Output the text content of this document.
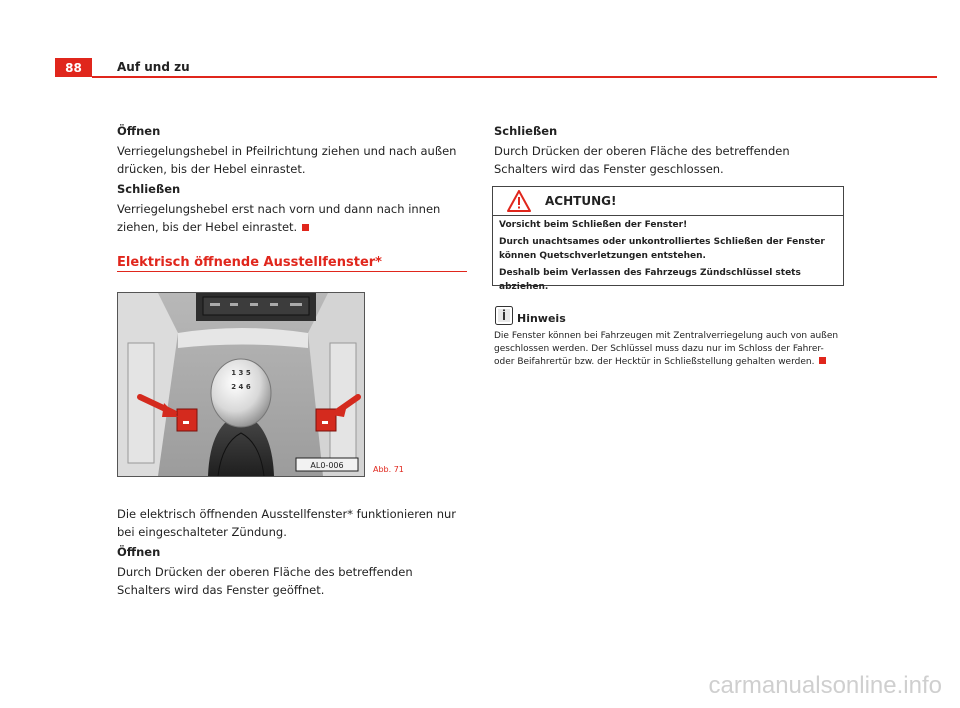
88	Auf und zu
Öffnen
Verriegelungshebel in Pfeilrichtung ziehen und nach außen drücken, bis der Hebel einrastet.
Schließen
Verriegelungshebel erst nach vorn und dann nach innen ziehen, bis der Hebel einrastet.
Elektrisch öffnende Ausstellfenster*
1 3 5
2 4 6
AL0-006	Abb. 71
Die elektrisch öffnenden Ausstellfenster* funktionieren nur bei eingeschalteter Zündung.
Öffnen
Durch Drücken der oberen Fläche des betreffenden Schalters wird das Fenster geöffnet.
Schließen
Durch Drücken der oberen Fläche des betreffenden Schalters wird das Fenster geschlossen.
ACHTUNG!
Vorsicht beim Schließen der Fenster!
Durch unachtsames oder unkontrolliertes Schließen der Fenster können Quetschverletzungen entstehen.
Deshalb beim Verlassen des Fahrzeugs Zündschlüssel stets abziehen.
Hinweis
Die Fenster können bei Fahrzeugen mit Zentralverriegelung auch von außen geschlossen werden. Der Schlüssel muss dazu nur im Schloss der Fahrer- oder Beifahrertür bzw. der Hecktür in Schließstellung gehalten werden.
carmanualsonline.info
